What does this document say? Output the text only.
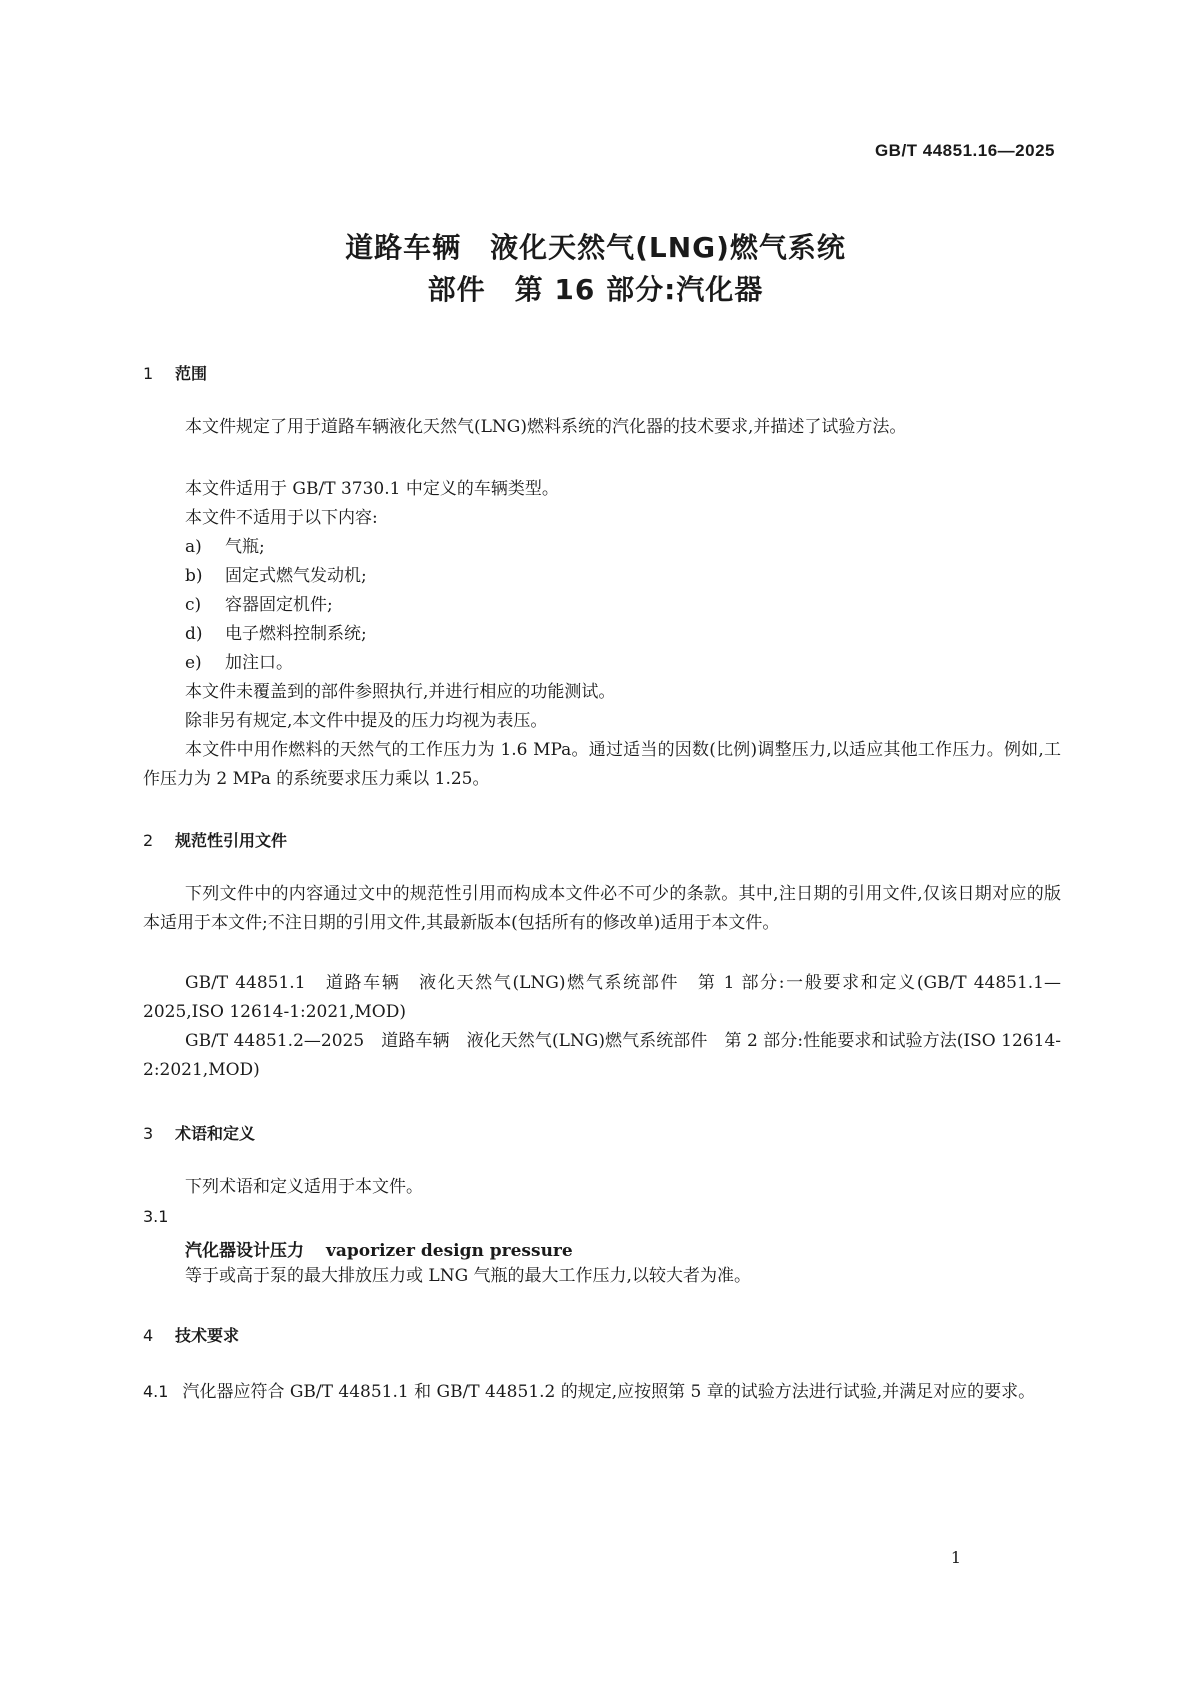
GB/T 44851.16—2025
道路车辆　液化天然气(LNG)燃气系统
部件　第 16 部分:汽化器
1 范围
本文件规定了用于道路车辆液化天然气(LNG)燃料系统的汽化器的技术要求,并描述了试验方法。
本文件适用于 GB/T 3730.1 中定义的车辆类型。
本文件不适用于以下内容:
a) 气瓶;
b) 固定式燃气发动机;
c) 容器固定机件;
d) 电子燃料控制系统;
e) 加注口。
本文件未覆盖到的部件参照执行,并进行相应的功能测试。
除非另有规定,本文件中提及的压力均视为表压。
本文件中用作燃料的天然气的工作压力为 1.6 MPa。通过适当的因数(比例)调整压力,以适应其他工作压力。例如,工作压力为 2 MPa 的系统要求压力乘以 1.25。
2 规范性引用文件
下列文件中的内容通过文中的规范性引用而构成本文件必不可少的条款。其中,注日期的引用文件,仅该日期对应的版本适用于本文件;不注日期的引用文件,其最新版本(包括所有的修改单)适用于本文件。
GB/T 44851.1　道路车辆　液化天然气(LNG)燃气系统部件　第 1 部分:一般要求和定义(GB/T 44851.1—2025,ISO 12614-1:2021,MOD)
GB/T 44851.2—2025　道路车辆　液化天然气(LNG)燃气系统部件　第 2 部分:性能要求和试验方法(ISO 12614-2:2021,MOD)
3 术语和定义
下列术语和定义适用于本文件。
3.1
汽化器设计压力 vaporizer design pressure
等于或高于泵的最大排放压力或 LNG 气瓶的最大工作压力,以较大者为准。
4 技术要求
4.1 汽化器应符合 GB/T 44851.1 和 GB/T 44851.2 的规定,应按照第 5 章的试验方法进行试验,并满足对应的要求。
1
